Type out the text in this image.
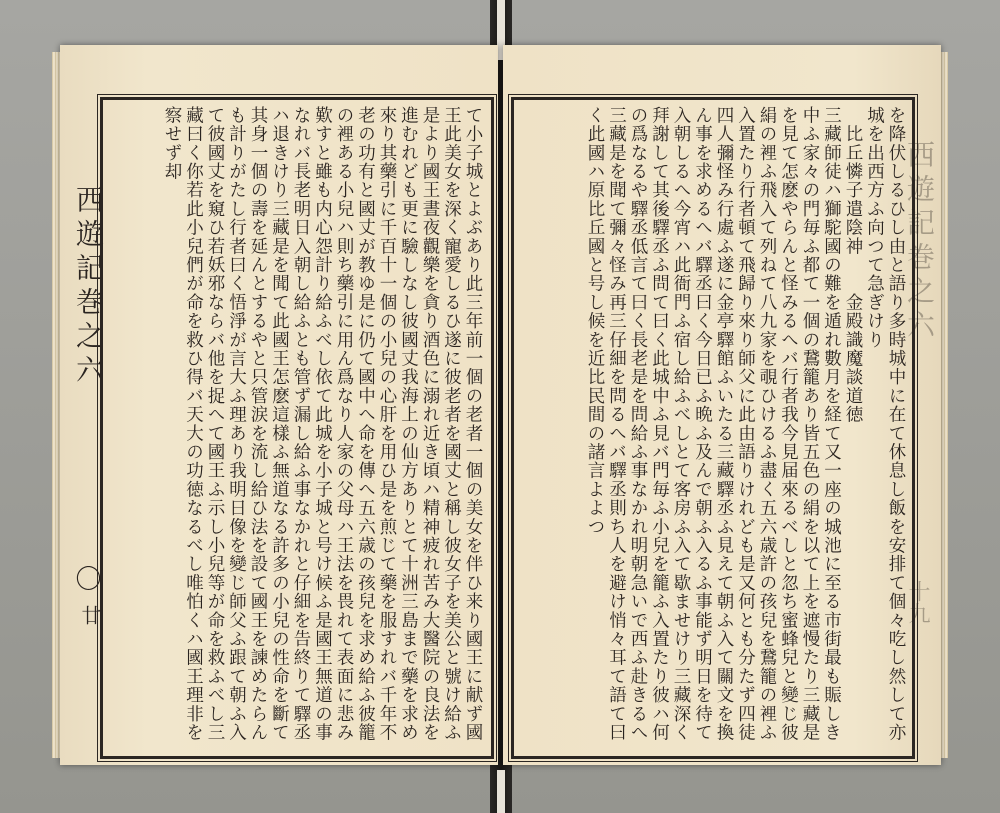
西遊記巻之六
〇
廿	て小子城とよぶあり此三年前一個の老者一個の美女を伴ひ来り國王に献ず國王此美女を深く寵愛しるひ遂に彼老者を國丈と稱し彼女子を美公と號け給ふ是より國王晝夜觀樂を貪り酒色に溺れ近き頃ハ精神疲れ苦み大醫院の良法を進むれども更に驗しなし彼國丈我海上の仙方ありとて十洲三島まで藥を求め來り其藥引に千百十一個の小兒の心肝を用ひ是を煎じて藥を服すれバ千年不老の功有と國丈が教ゆ是に仍て國中へ命を傳へ五六歳の孩兒を求め給ふ彼籠の裡ある小兒ハ則ち藥引に用ん爲なり人家の父母ハ王法を畏れて表面に悲み歎すと雖も内心怨計り給ふべし依て此城を小子城と号け候ふ是國王無道の事なれバ長老明日入朝し給ふとも管ず漏し給ふ事なかれと仔細を告終りて驛丞ハ退きけり三藏是を聞て此國王怎麽這樣ふ無道なる許多の小兒の性命を斷て其身一個の壽を延んとするやと只管涙を流し給ひ法を設て國王を諫めたらんも計りがたし行者曰く悟淨が言大ふ理あり我明日像を變じ師父ふ跟て朝ふ入て彼國丈を窺ひ若妖邪ならバ他を捉へて國王ふ示し小兒等が命を救ふべし三藏曰く你若此小兒們が命を救ひ得バ天大の功徳なるべし唯怕くハ國王理非を察せず却	を降伏しるひし由と語り多時城中に在て休息し飯を安排て個々吃し然して亦城を出西方ふ向つて急ぎけり
　比丘憐子遣陰神　　金殿識魔談道徳
三藏師徒ハ獅駝國の難を遁れ數月を経て又一座の城池に至る市街最も賑しき中ふ家々の門毎ふ都て一個の鵞籠あり皆五色の絹を以て上を遮慢たり三藏是を見て怎麽やらんと怪みるへバ行者我今見届來るべしと忽ち蜜蜂兒と變じ彼絹の裡ふ飛入て列ねて八九家を覗ひけるふ盡く五六歳許の孩兒を鵞籠の裡ふ入置たり行者頓て飛歸り來り師父に此由語りけれども是又何とも分たず四徒四人彌怪み行處ふ遂に金亭驛館ふいたる三藏驛丞ふ見えて朝ふ入て關文を換ん事を求めるへバ驛丞曰く今日已ふ晩ふ及んで朝ふ入るふ事能ず明日を待て入朝しるへ今宵ハ此衙門ふ宿し給ふべしとて客房ふ入て歇ませけり三藏深く拜謝して其後驛丞ふ問て曰く此城中ふ見バ門毎ふ小兒を籠ふ入置たり彼ハ何の爲なるや驛丞低言て曰く長老是を問給ふ事なかれ明朝急いで西ふ赴きるへ三藏是を聞て彌々怪み再三仔細を問るへバ驛丞則ち人を避け悄々耳て語て曰く此國ハ原比丘國と号し候を近比民間の諸言よよつ	西遊記巻之六
十九
